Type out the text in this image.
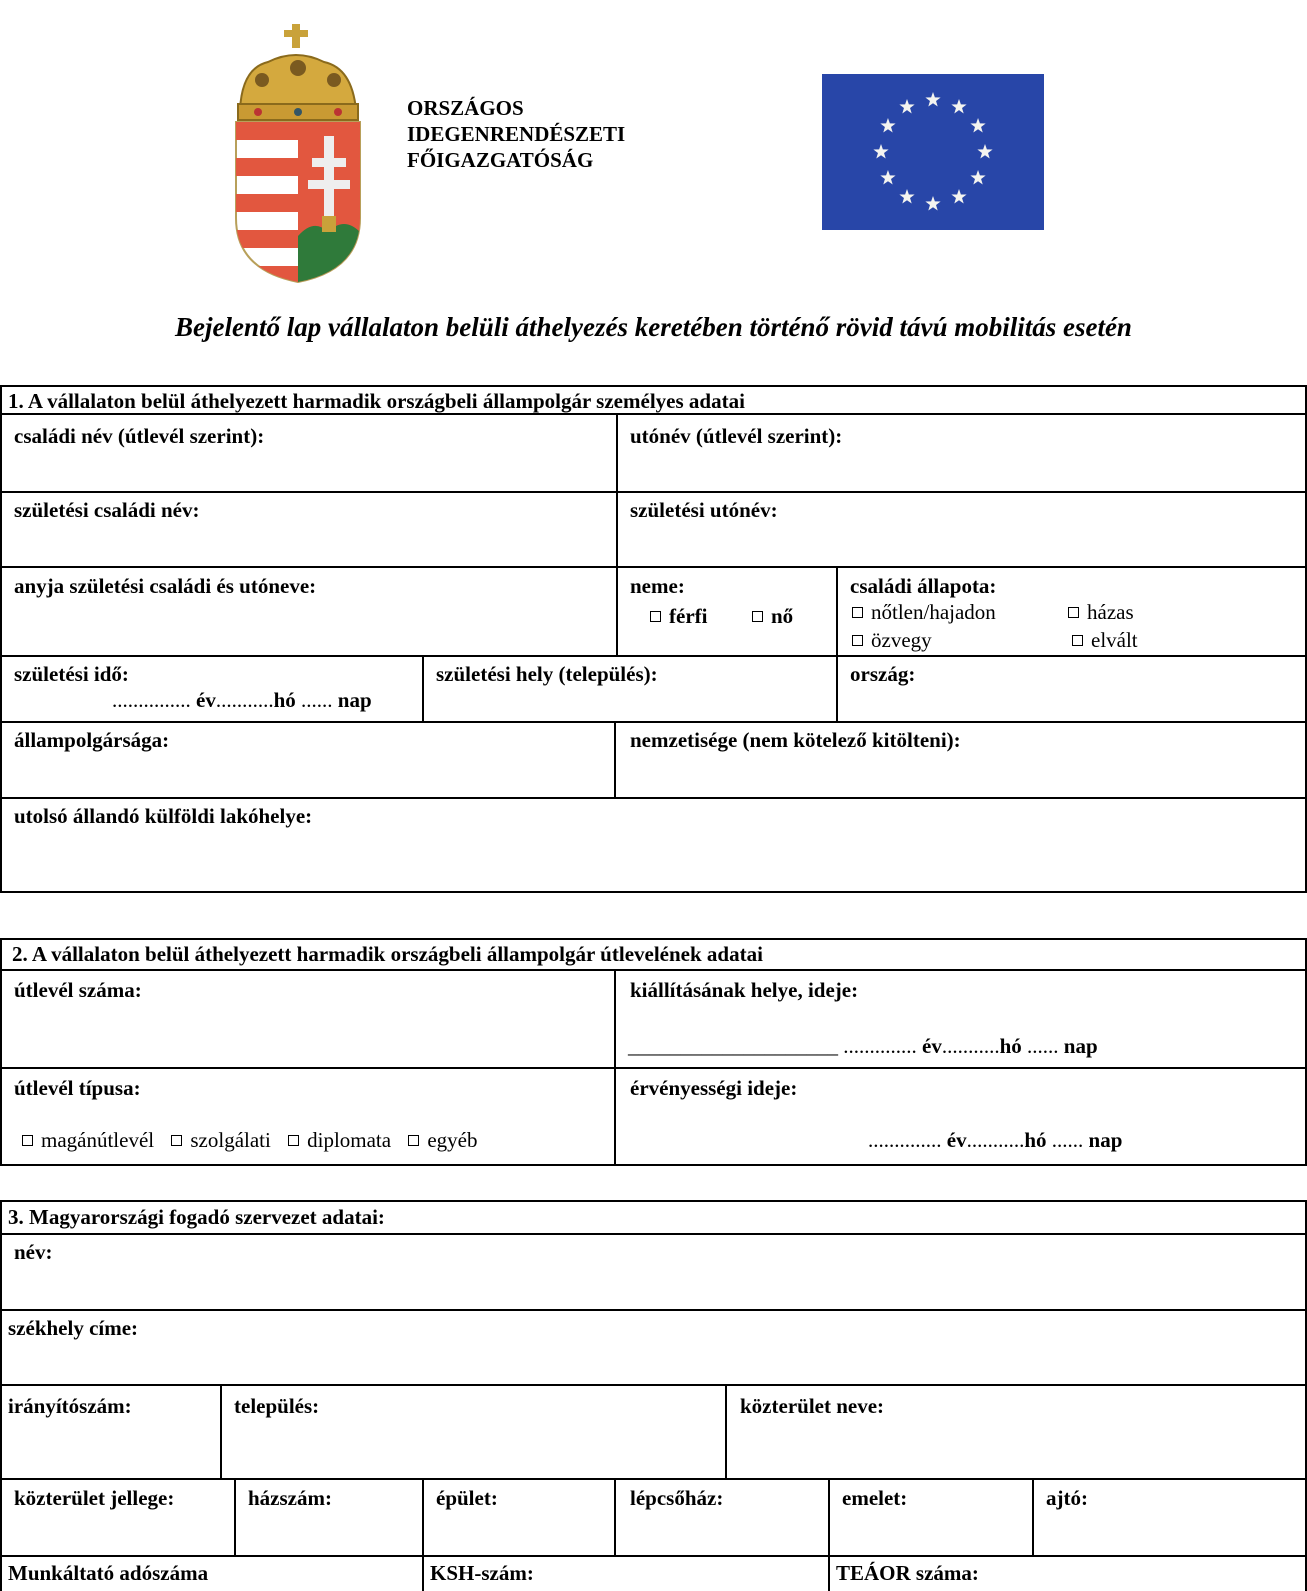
ORSZÁGOS
IDEGENRENDÉSZETI
FŐIGAZGATÓSÁG
Bejelentő lap vállalaton belüli áthelyezés keretében történő rövid távú mobilitás esetén
1. A vállalaton belül áthelyezett harmadik országbeli állampolgár személyes adatai
családi név (útlevél szerint):	utónév (útlevél szerint):
születési családi név:	születési utónév:
anyja születési családi és utóneve:	neme:
férfi	nő
családi állapota:
nőtlen/hajadon	házas
özvegy	elvált
születési idő:
............... év...........hó ...... nap
születési hely (település):	ország:
állampolgársága:	nemzetisége (nem kötelező kitölteni):
utolsó állandó külföldi lakóhelye:
2. A vállalaton belül áthelyezett harmadik országbeli állampolgár útlevelének adatai
útlevél száma:	kiállításának helye, ideje:
____________________ .............. év...........hó ...... nap
útlevél típusa:
magánútlevél szolgálati diplomata egyéb
érvényességi ideje:
.............. év...........hó ...... nap
3. Magyarországi fogadó szervezet adatai:
név:
székhely címe:
irányítószám:	település:	közterület neve:
közterület jellege:	házszám:	épület:	lépcsőház:	emelet:	ajtó:
Munkáltató adószáma	KSH-szám:	TEÁOR száma:
